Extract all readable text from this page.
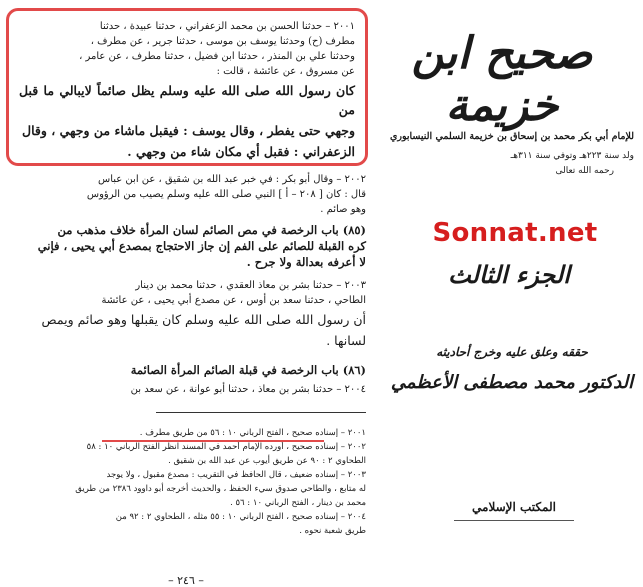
٢٠٠١ – حدثنا الحسن بن محمد الزعفراني ، حدثنا عبيدة ، حدثنا

مطرف (ح) وحدثنا يوسف بن موسى ، حدثنا جرير ، عن مطرف ،

وحدثنا علي بن المنذر ، حدثنا ابن فضيل ، حدثنا مطرف ، عن عامر ،

عن مسروق ، عن عائشة ، قالت :

كان رسول الله صلى الله عليه وسلم يظل صائماً لايبالي ما قبل من

وجهي حتى يفطر ، وقال يوسف : فيقبل ماشاء من وجهي ، وقال

الزعفراني : فقبل أي مكان شاء من وجهي .

٢٠٠٢ – وقال أبو بكر : في خبر عبد الله بن شقيق ، عن ابن عباس

قال : كان [ ٢٠٨ – أ ] النبي صلى الله عليه وسلم يصيب من الرؤوس

وهو صائم .

(٨٥) باب الرخصة في مص الصائم لسان المرأة خلاف مذهب من

كره القبلة للصائم على الفم إن جاز الاحتجاج بمصدع أبي يحيى ، فإني

لا أعرفه بعدالة ولا جرح .

٢٠٠٣ – حدثنا بشر بن معاذ العقدي ، حدثنا محمد بن دينار

الطاحي ، حدثنا سعد بن أوس ، عن مصدع أبي يحيى ، عن عائشة

أن رسول الله صلى الله عليه وسلم كان يقبلها وهو صائم ويمص

لسانها .

(٨٦) باب الرخصة في قبلة الصائم المرأة الصائمة

٢٠٠٤ – حدثنا بشر بن معاذ ، حدثنا أبو عوانة ، عن سعد بن

٢٠٠١ – إسناده صحيح ، الفتح الرباني ١٠ : ٥٦ من طريق مطرف .

٢٠٠٢ – إسناده صحيح ، أورده الإمام أحمد في المسند انظر الفتح الرباني ١٠ : ٥٨

الطحاوي ٢ : ٩٠ عن طريق أيوب عن عبد الله بن شقيق .

٢٠٠٣ – إسناده ضعيف ، قال الحافظ في التقريب : مصدع مقبول ، ولا يوجد

له متابع ، والطاحي صدوق سيء الحفظ ، والحديث أخرجه أبو داوود ٢٣٨٦ من طريق

محمد بن دينار ، الفتح الرباني ١٠ : ٥٦ .

٢٠٠٤ – إسناده صحيح ، الفتح الرباني ١٠ : ٥٥ مثله ، الطحاوي ٢ : ٩٢ من

طريق شعبة نحوه .

– ٢٤٦ –
صحيح ابن خزيمة
للإمام أبي بكر محمد بن إسحاق بن خزيمة السلمي النيسابوري
ولد سنة ٢٢٣هـ وتوفي سنة ٣١١هـ
رحمه الله تعالى
Sonnat.net
الجزء الثالث
حققه وعلق عليه وخرج أحاديثه
الدكتور محمد مصطفى الأعظمي
المكتب الإسلامي
